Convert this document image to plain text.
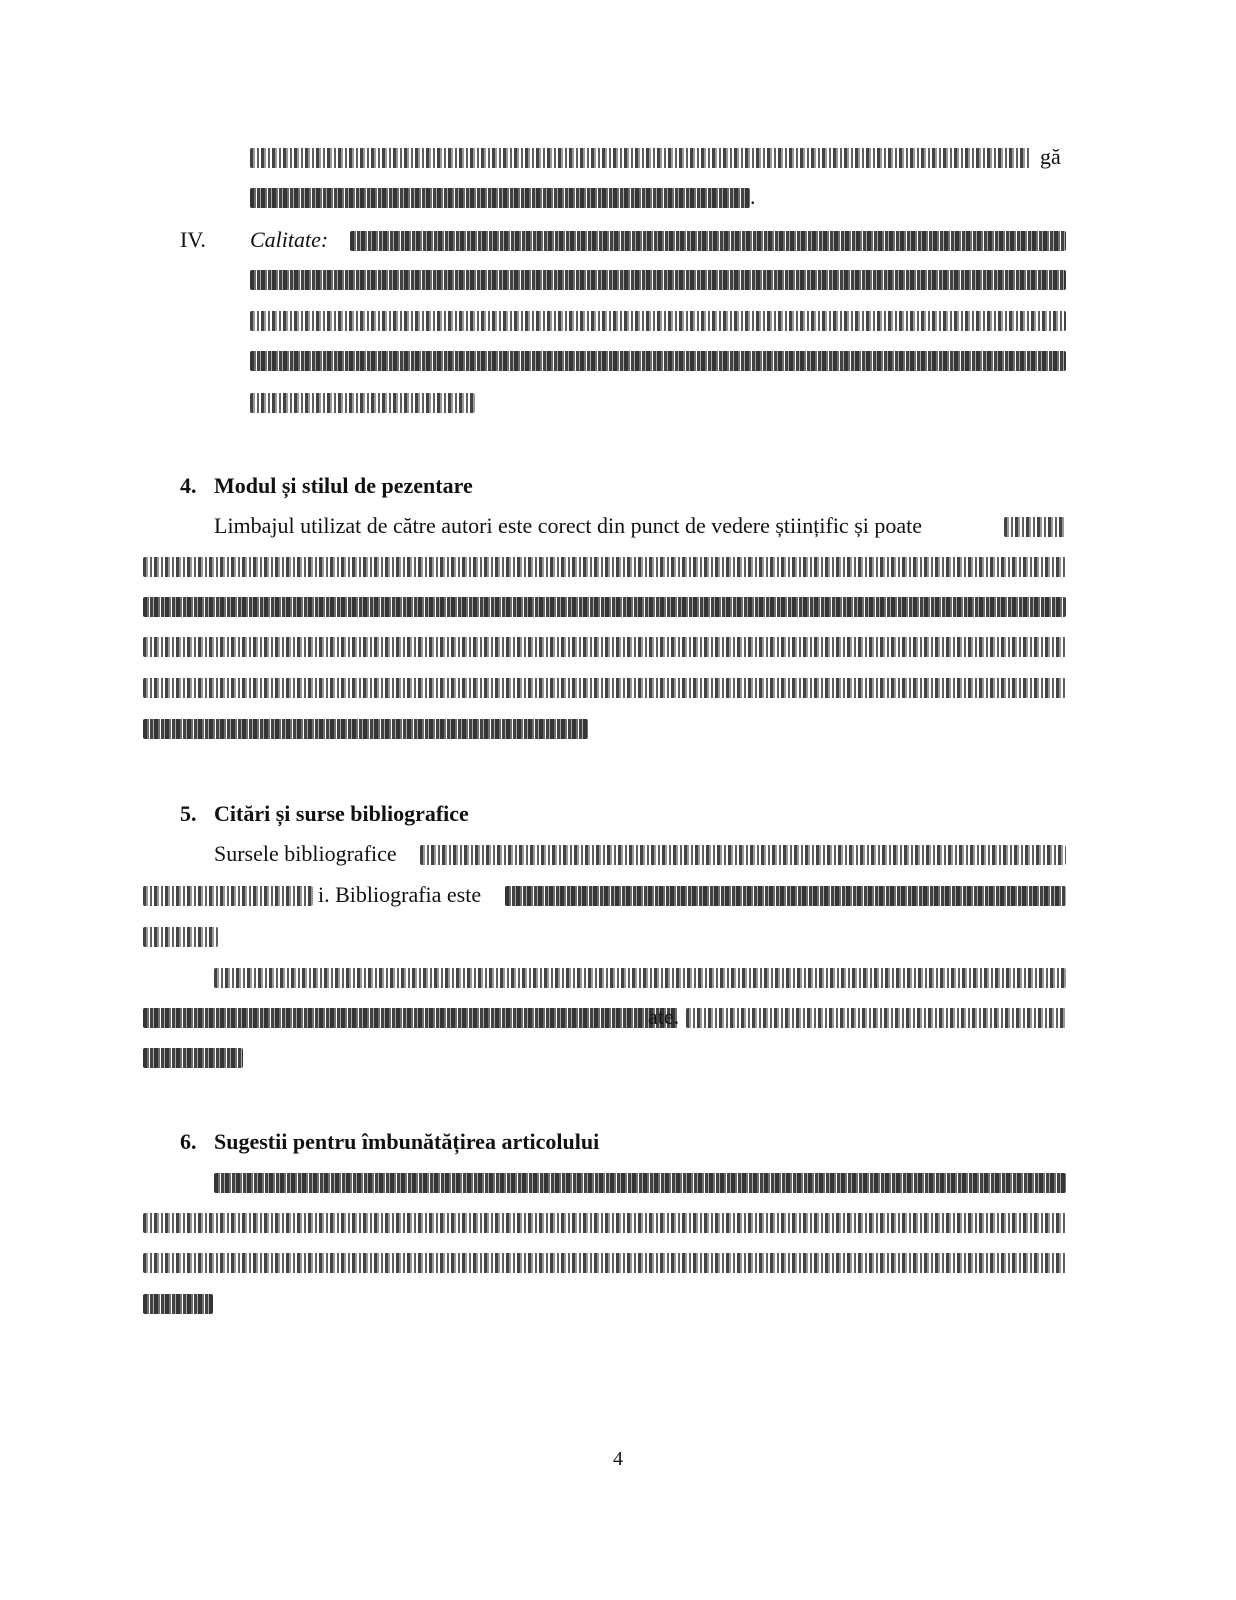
gă
.
IV. Calitate:
4. Modul și stilul de pezentare
Limbajul utilizat de către autori este corect din punct de vedere științific și poate
5. Citări și surse bibliografice
Sursele bibliografice
i. Bibliografia este
ate.
6. Sugestii pentru îmbunătățirea articolului
4
